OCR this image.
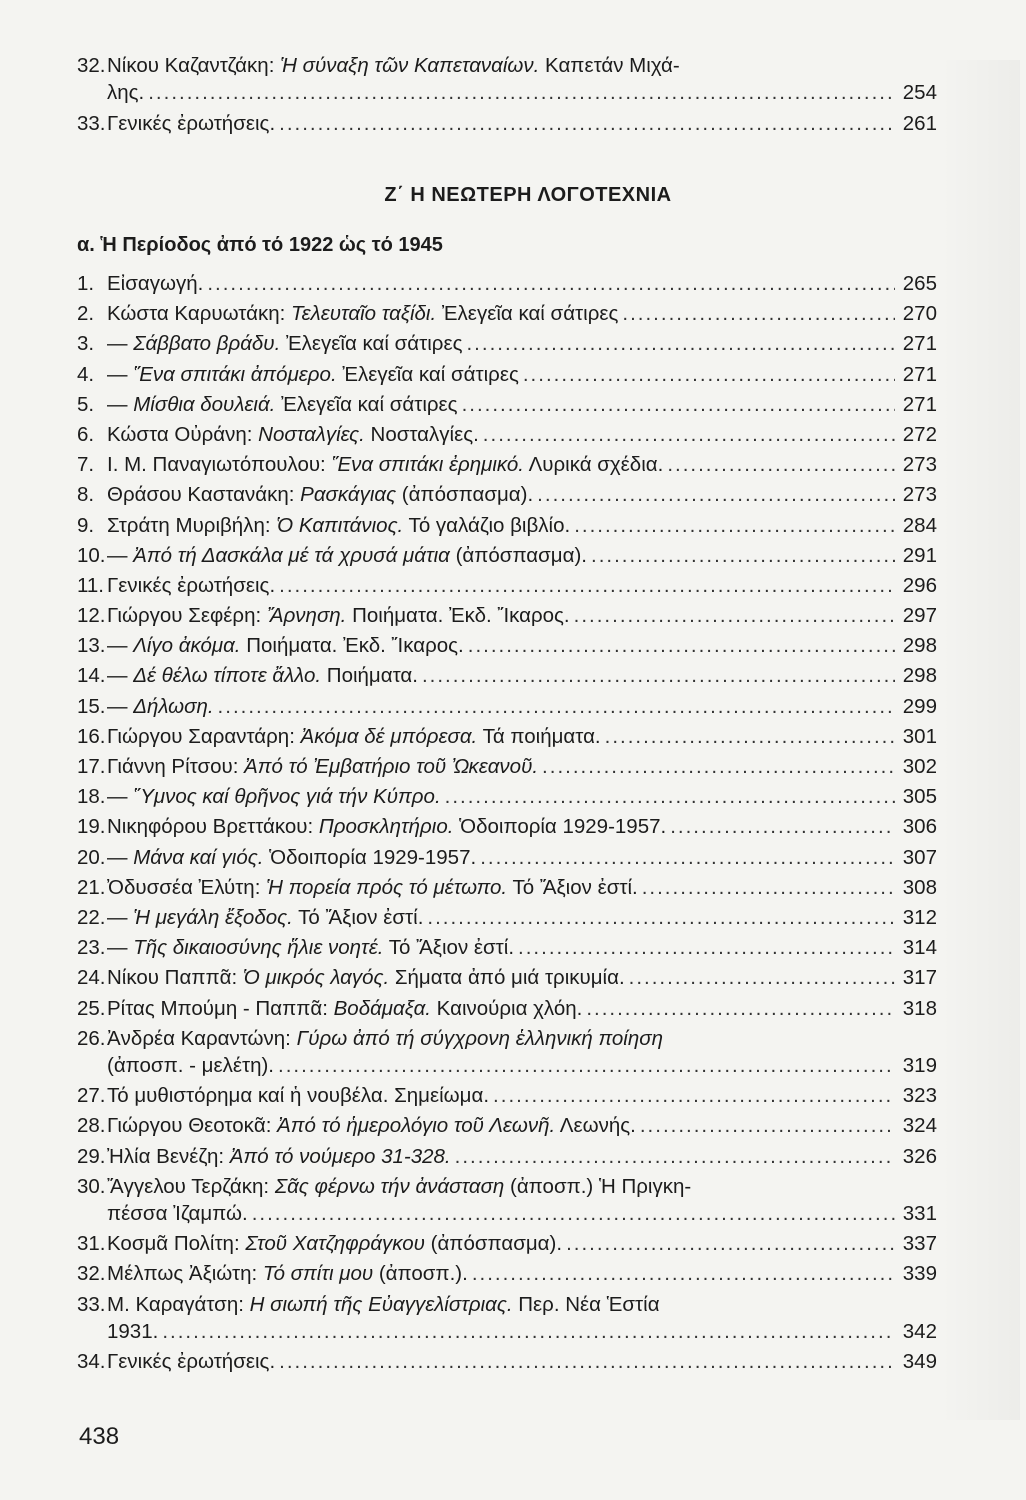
32. Νίκου Καζαντζάκη: Ἡ σύναξη τῶν Καπεταναίων. Καπετάν Μιχά-
λης. .....	254
33. Γενικές ἐρωτήσεις. .....	261
Ζ΄ Η ΝΕΩΤΕΡΗ ΛΟΓΟΤΕΧΝΙΑ
α. Ἡ Περίοδος ἀπό τό 1922 ὡς τό 1945
1. Εἰσαγωγή. .....	265
2. Κώστα Καρυωτάκη: Τελευταῖο ταξίδι. Ἐλεγεῖα καί σάτιρες .....	270
3. — Σάββατο βράδυ. Ἐλεγεῖα καί σάτιρες .....	271
4. — Ἕνα σπιτάκι ἀπόμερο. Ἐλεγεῖα καί σάτιρες .....	271
5. — Μίσθια δουλειά. Ἐλεγεῖα καί σάτιρες .....	271
6. Κώστα Οὐράνη: Νοσταλγίες. Νοσταλγίες. .....	272
7. Ι. Μ. Παναγιωτόπουλου: Ἕνα σπιτάκι ἐρημικό. Λυρικά σχέδια. .....	273
8. Θράσου Καστανάκη: Ρασκάγιας (ἀπόσπασμα). .....	273
9. Στράτη Μυριβήλη: Ὁ Καπιτάνιος. Τό γαλάζιο βιβλίο. .....	284
10. — Ἀπό τή Δασκάλα μέ τά χρυσά μάτια (ἀπόσπασμα). .....	291
11. Γενικές ἐρωτήσεις. .....	296
12. Γιώργου Σεφέρη: Ἄρνηση. Ποιήματα. Ἐκδ. Ἴκαρος. .....	297
13. — Λίγο ἀκόμα. Ποιήματα. Ἐκδ. Ἴκαρος. .....	298
14. — Δέ θέλω τίποτε ἄλλο. Ποιήματα. .....	298
15. — Δήλωση. .....	299
16. Γιώργου Σαραντάρη: Ἀκόμα δέ μπόρεσα. Τά ποιήματα. .....	301
17. Γιάννη Ρίτσου: Ἀπό τό Ἐμβατήριο τοῦ Ὠκεανοῦ. .....	302
18. — Ὕμνος καί θρῆνος γιά τήν Κύπρο. .....	305
19. Νικηφόρου Βρεττάκου: Προσκλητήριο. Ὁδοιπορία 1929-1957. .....	306
20. — Μάνα καί γιός. Ὁδοιπορία 1929-1957. .....	307
21. Ὀδυσσέα Ἐλύτη: Ἡ πορεία πρός τό μέτωπο. Τό Ἄξιον ἐστί. .....	308
22. — Ἡ μεγάλη ἔξοδος. Τό Ἄξιον ἐστί. .....	312
23. — Τῆς δικαιοσύνης ἥλιε νοητέ. Τό Ἄξιον ἐστί. .....	314
24. Νίκου Παππᾶ: Ὁ μικρός λαγός. Σήματα ἀπό μιά τρικυμία. .....	317
25. Ρίτας Μπούμη - Παππᾶ: Βοδάμαξα. Καινούρια χλόη. .....	318
26. Ἀνδρέα Καραντώνη: Γύρω ἀπό τή σύγχρονη ἑλληνική ποίηση
(ἀποσπ. - μελέτη). .....	319
27. Τό μυθιστόρημα καί ἡ νουβέλα. Σημείωμα. .....	323
28. Γιώργου Θεοτοκᾶ: Ἀπό τό ἡμερολόγιο τοῦ Λεωνῆ. Λεωνής. .....	324
29. Ἠλία Βενέζη: Ἀπό τό νούμερο 31-328. .....	326
30. Ἄγγελου Τερζάκη: Σᾶς φέρνω τήν ἀνάσταση (ἀποσπ.) Ἡ Πριγκη-
πέσσα Ἰζαμπώ. .....	331
31. Κοσμᾶ Πολίτη: Στοῦ Χατζηφράγκου (ἀπόσπασμα). .....	337
32. Μέλπως Ἀξιώτη: Τό σπίτι μου (ἀποσπ.). .....	339
33. Μ. Καραγάτση: Η σιωπή τῆς Εὐαγγελίστριας. Περ. Νέα Ἑστία
1931. .....	342
34. Γενικές ἐρωτήσεις. .....	349
438
